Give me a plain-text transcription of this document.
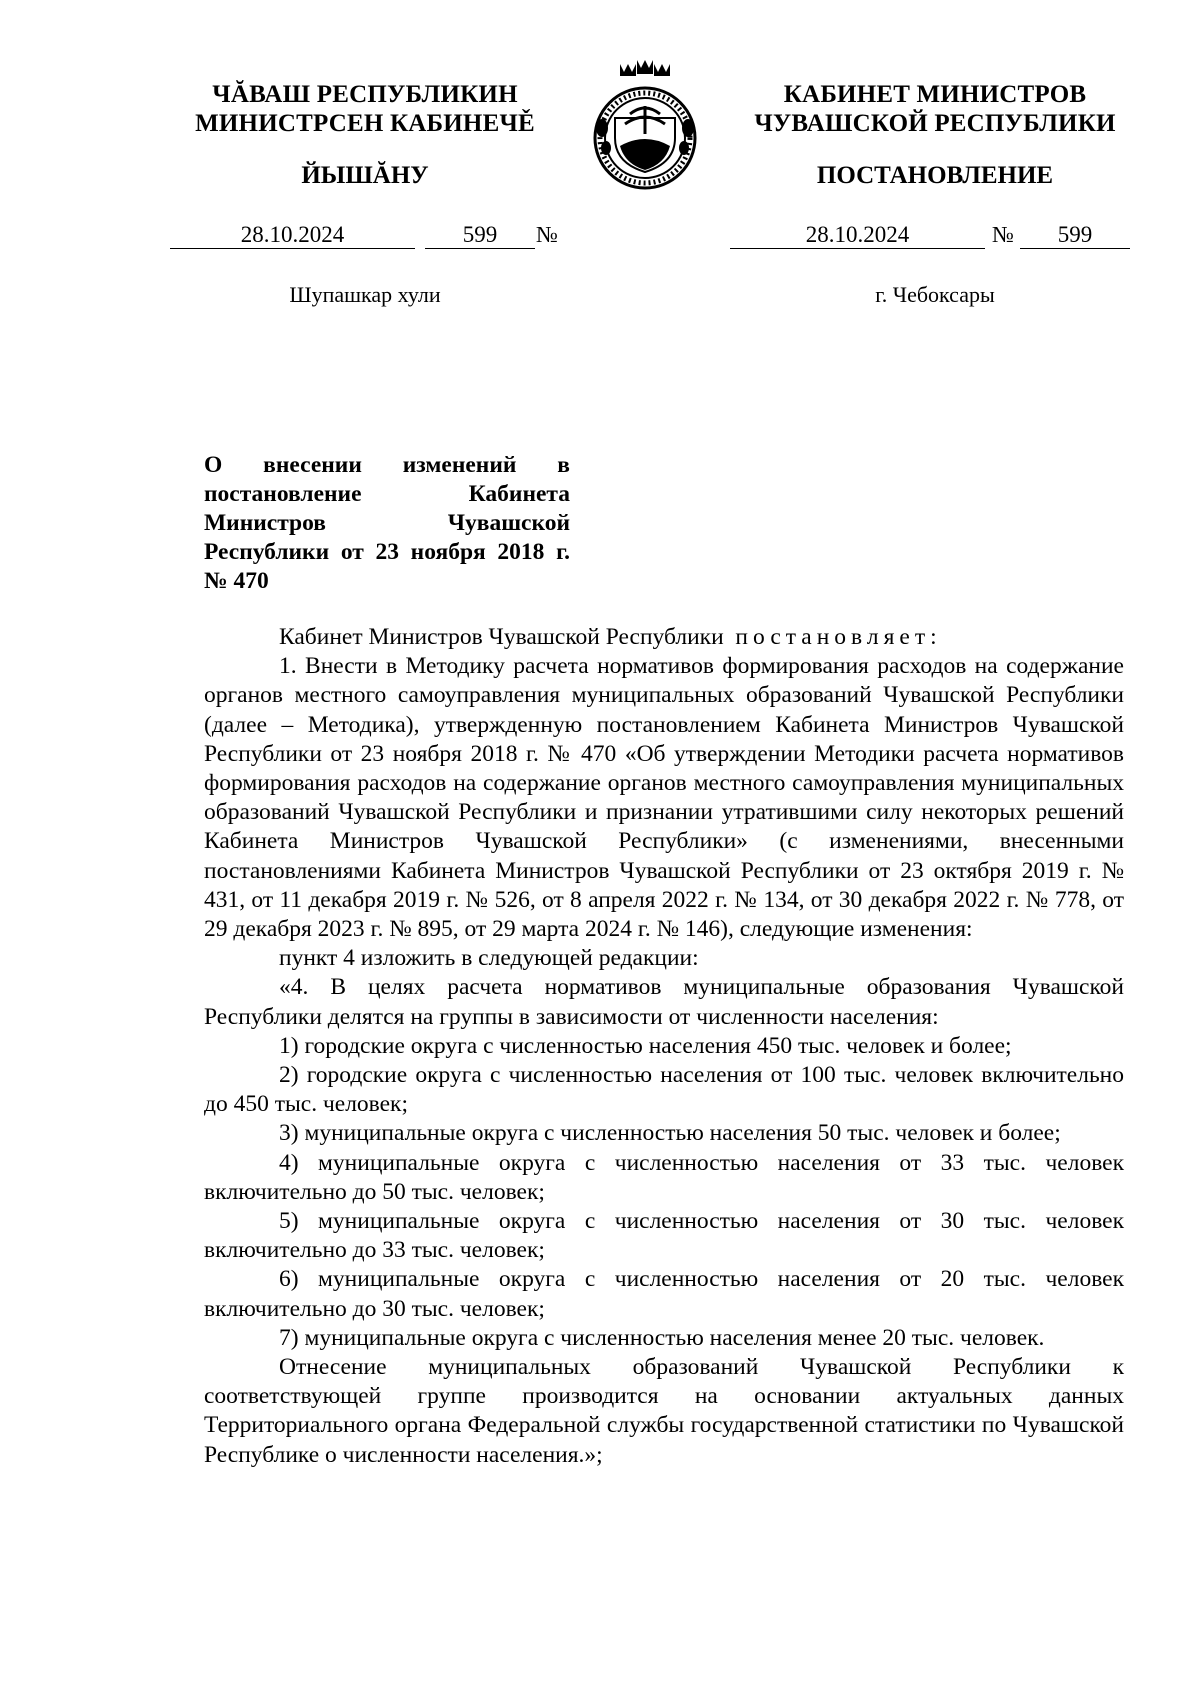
ЧĂВАШ РЕСПУБЛИКИН

МИНИСТРСЕН КАБИНЕЧĚ

ЙЫШĂНУ

КАБИНЕТ МИНИСТРОВ

ЧУВАШСКОЙ РЕСПУБЛИКИ

ПОСТАНОВЛЕНИЕ
28.10.2024	599	№	28.10.2024	№	599
Шупашкар хули	г. Чебоксары

О внесении изменений в постановление Кабинета Министров Чувашской Республики от 23 ноября 2018 г. № 470

Кабинет Министров Чувашской Республики постановляет:

1. Внести в Методику расчета нормативов формирования расходов на содержание органов местного самоуправления муниципальных образований Чувашской Республики (далее – Методика), утвержденную постановлением Кабинета Министров Чувашской Республики от 23 ноября 2018 г. № 470 «Об утверждении Методики расчета нормативов формирования расходов на содержание органов местного самоуправления муниципальных образований Чувашской Республики и признании утратившими силу некоторых решений Кабинета Министров Чувашской Республики» (с изменениями, внесенными постановлениями Кабинета Министров Чувашской Республики от 23 октября 2019 г. № 431, от 11 декабря 2019 г. № 526, от 8 апреля 2022 г. № 134, от 30 декабря 2022 г. № 778, от 29 декабря 2023 г. № 895, от 29 марта 2024 г. № 146), следующие изменения:

пункт 4 изложить в следующей редакции:

«4. В целях расчета нормативов муниципальные образования Чувашской Республики делятся на группы в зависимости от численности населения:

1) городские округа с численностью населения 450 тыс. человек и более;

2) городские округа с численностью населения от 100 тыс. человек включительно до 450 тыс. человек;

3) муниципальные округа с численностью населения 50 тыс. человек и более;

4) муниципальные округа с численностью населения от 33 тыс. человек включительно до 50 тыс. человек;

5) муниципальные округа с численностью населения от 30 тыс. человек включительно до 33 тыс. человек;

6) муниципальные округа с численностью населения от 20 тыс. человек включительно до 30 тыс. человек;

7) муниципальные округа с численностью населения менее 20 тыс. человек.

Отнесение муниципальных образований Чувашской Республики к соответствующей группе производится на основании актуальных данных Территориального органа Федеральной службы государственной статистики по Чувашской Республике о численности населения.»;
